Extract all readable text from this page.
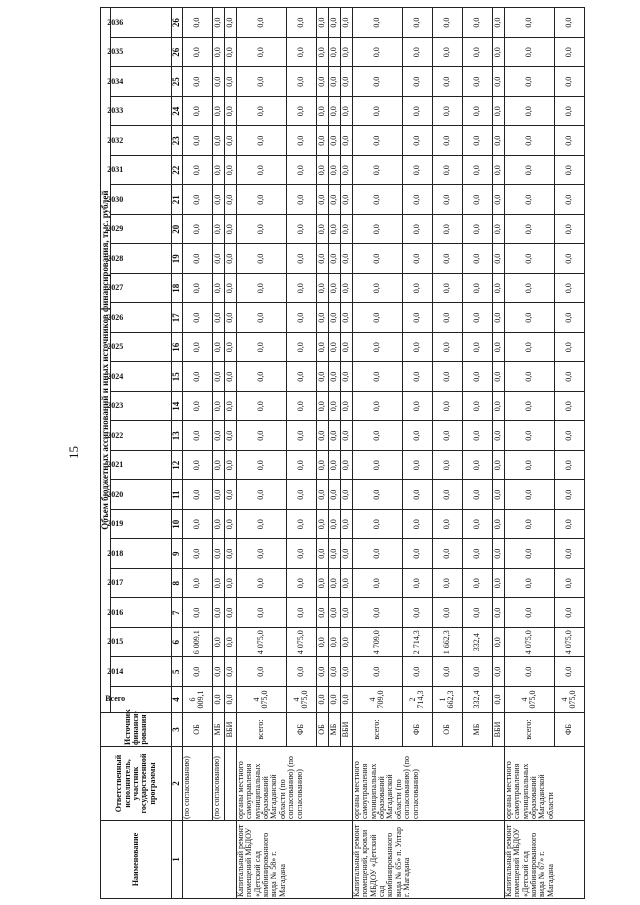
15
Наименование	Ответственный исполнитель, участник государственной программы	Источник финанси-рования	Объем бюджетных ассигнований и иных источников финансирования, тыс. рублей																							

			Всего	2014	2015	2016	2017	2018	2019	2020	2021	2022	2023	2024	2025	2026	2027	2028	2029	2030	2031	2032	2033	2034	2035	2036

1	2	3	4	5	6	7	8	9	10	11	12	13	14	15	16	17	18	19	20	21	22	23	24	25	26	26
	(по согласованию)	ОБ	6 009,1	0,0	6 009,1	0,0	0,0	0,0	0,0	0,0	0,0	0,0	0,0	0,0	0,0	0,0	0,0	0,0	0,0	0,0	0,0	0,0	0,0	0,0	0,0	0,0
	(по согласованию)	МБ	0,0	0,0	0,0	0,0	0,0	0,0	0,0	0,0	0,0	0,0	0,0	0,0	0,0	0,0	0,0	0,0	0,0	0,0	0,0	0,0	0,0	0,0	0,0	0,0
		ВБИ	0,0	0,0	0,0	0,0	0,0	0,0	0,0	0,0	0,0	0,0	0,0	0,0	0,0	0,0	0,0	0,0	0,0	0,0	0,0	0,0	0,0	0,0	0,0	0,0
Капитальный ремонт помещений МБДОУ «Детский сад комбинированного вида № 58» г. Магадана	органы местного самоуправления муниципальных образований Магаданской области (по согласованию) (по согласованию)	всего:	4 075,0	0,0	4 075,0	0,0	0,0	0,0	0,0	0,0	0,0	0,0	0,0	0,0	0,0	0,0	0,0	0,0	0,0	0,0	0,0	0,0	0,0	0,0	0,0	0,0
		ФБ	4 075,0	0,0	4 075,0	0,0	0,0	0,0	0,0	0,0	0,0	0,0	0,0	0,0	0,0	0,0	0,0	0,0	0,0	0,0	0,0	0,0	0,0	0,0	0,0	0,0
		ОБ	0,0	0,0	0,0	0,0	0,0	0,0	0,0	0,0	0,0	0,0	0,0	0,0	0,0	0,0	0,0	0,0	0,0	0,0	0,0	0,0	0,0	0,0	0,0	0,0
		МБ	0,0	0,0	0,0	0,0	0,0	0,0	0,0	0,0	0,0	0,0	0,0	0,0	0,0	0,0	0,0	0,0	0,0	0,0	0,0	0,0	0,0	0,0	0,0	0,0
		ВБИ	0,0	0,0	0,0	0,0	0,0	0,0	0,0	0,0	0,0	0,0	0,0	0,0	0,0	0,0	0,0	0,0	0,0	0,0	0,0	0,0	0,0	0,0	0,0	0,0
Капитальный ремонт помещений, кровли МБДОУ «Детский сад комбинированного вида № 65» п. Уптар г. Магадана	органы местного самоуправления муниципальных образований Магаданской области (по согласованию) (по согласованию)	всего:	4 709,0	0,0	4 709,0	0,0	0,0	0,0	0,0	0,0	0,0	0,0	0,0	0,0	0,0	0,0	0,0	0,0	0,0	0,0	0,0	0,0	0,0	0,0	0,0	0,0
		ФБ	2 714,3	0,0	2 714,3	0,0	0,0	0,0	0,0	0,0	0,0	0,0	0,0	0,0	0,0	0,0	0,0	0,0	0,0	0,0	0,0	0,0	0,0	0,0	0,0	0,0
		ОБ	1 662,3	0,0	1 662,3	0,0	0,0	0,0	0,0	0,0	0,0	0,0	0,0	0,0	0,0	0,0	0,0	0,0	0,0	0,0	0,0	0,0	0,0	0,0	0,0	0,0
		МБ	332,4	0,0	332,4	0,0	0,0	0,0	0,0	0,0	0,0	0,0	0,0	0,0	0,0	0,0	0,0	0,0	0,0	0,0	0,0	0,0	0,0	0,0	0,0	0,0
		ВБИ	0,0	0,0	0,0	0,0	0,0	0,0	0,0	0,0	0,0	0,0	0,0	0,0	0,0	0,0	0,0	0,0	0,0	0,0	0,0	0,0	0,0	0,0	0,0	0,0
Капитальный ремонт помещений МБДОУ «Детский сад комбинированного вида № 67» г. Магадана	органы местного самоуправления муниципальных образований Магаданской области	всего:	4 075,0	0,0	4 075,0	0,0	0,0	0,0	0,0	0,0	0,0	0,0	0,0	0,0	0,0	0,0	0,0	0,0	0,0	0,0	0,0	0,0	0,0	0,0	0,0	0,0
		ФБ	4 075,0	0,0	4 075,0	0,0	0,0	0,0	0,0	0,0	0,0	0,0	0,0	0,0	0,0	0,0	0,0	0,0	0,0	0,0	0,0	0,0	0,0	0,0	0,0	0,0
